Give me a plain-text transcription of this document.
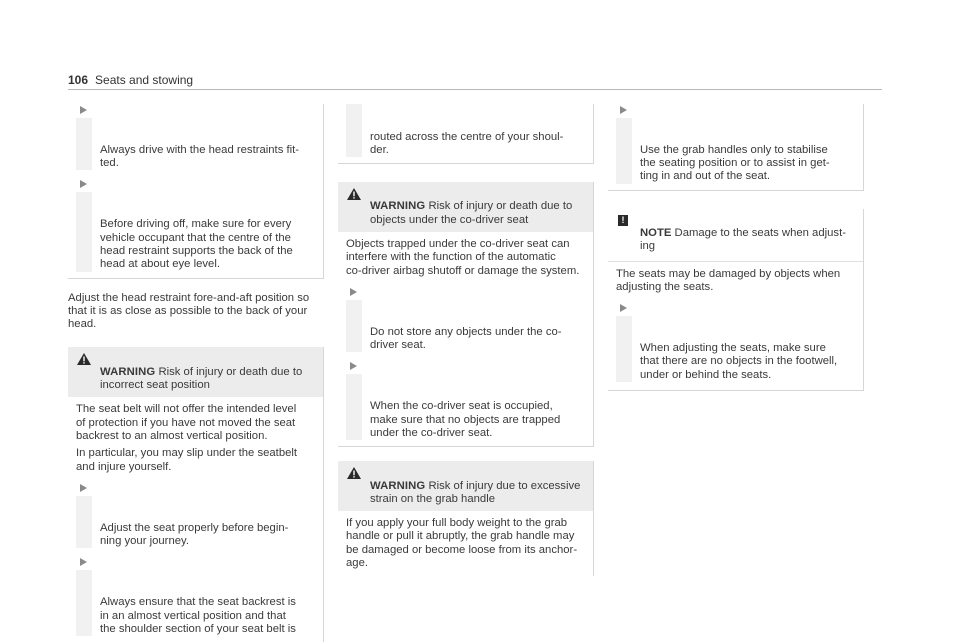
106 Seats and stowing

Always drive with the head restraints fit-
ted.

Before driving off, make sure for every
vehicle occupant that the centre of the
head restraint supports the back of the
head at about eye level.

Adjust the head restraint fore-and-aft position so
that it is as close as possible to the back of your
head.

WARNING Risk of injury or death due to
incorrect seat position

The seat belt will not offer the intended level
of protection if you have not moved the seat
backrest to an almost vertical position.

In particular, you may slip under the seatbelt
and injure yourself.

Adjust the seat properly before begin-
ning your journey.

Always ensure that the seat backrest is
in an almost vertical position and that
the shoulder section of your seat belt is

routed across the centre of your shoul-
der.

WARNING Risk of injury or death due to
objects under the co-driver seat

Objects trapped under the co-driver seat can
interfere with the function of the automatic
co-driver airbag shutoff or damage the system.

Do not store any objects under the co-
driver seat.

When the co-driver seat is occupied,
make sure that no objects are trapped
under the co-driver seat.

WARNING Risk of injury due to excessive
strain on the grab handle

If you apply your full body weight to the grab
handle or pull it abruptly, the grab handle may
be damaged or become loose from its anchor-
age.

Use the grab handles only to stabilise
the seating position or to assist in get-
ting in and out of the seat.

!
NOTE Damage to the seats when adjust-
ing

The seats may be damaged by objects when
adjusting the seats.

When adjusting the seats, make sure
that there are no objects in the footwell,
under or behind the seats.
